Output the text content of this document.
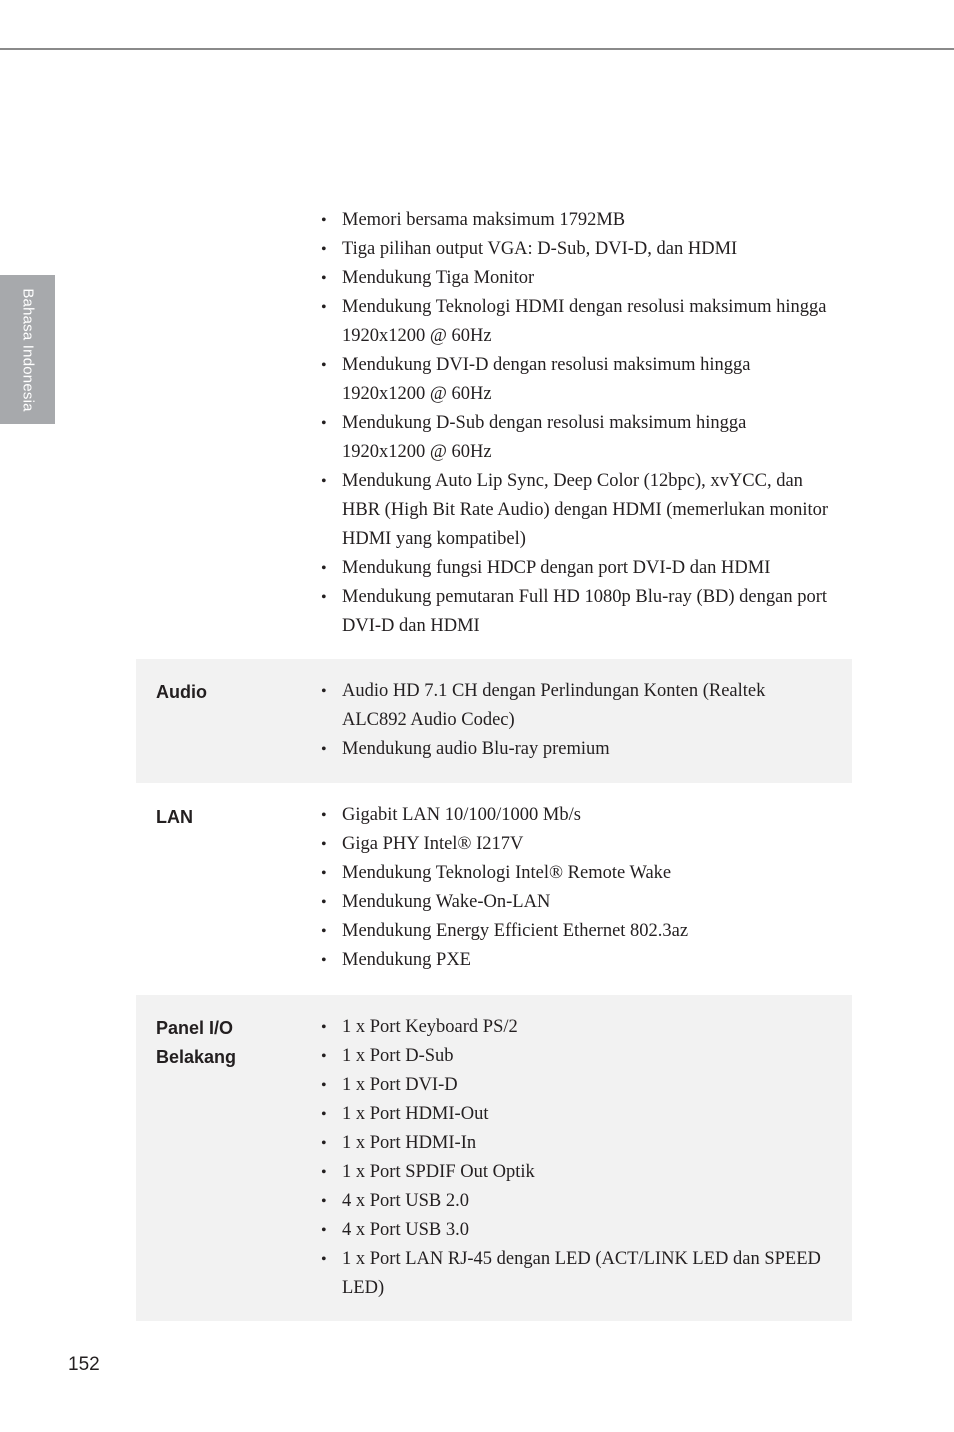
Bahasa Indonesia
• Memori bersama maksimum 1792MB
• Tiga pilihan output VGA: D-Sub, DVI-D, dan HDMI
• Mendukung Tiga Monitor
• Mendukung Teknologi HDMI dengan resolusi maksimum hingga 1920x1200 @ 60Hz
• Mendukung DVI-D dengan resolusi maksimum hingga 1920x1200 @ 60Hz
• Mendukung D-Sub dengan resolusi maksimum hingga 1920x1200 @ 60Hz
• Mendukung Auto Lip Sync, Deep Color (12bpc), xvYCC, dan HBR (High Bit Rate Audio) dengan HDMI (memerlukan monitor HDMI yang kompatibel)
• Mendukung fungsi HDCP dengan port DVI-D dan HDMI
• Mendukung pemutaran Full HD 1080p Blu-ray (BD) dengan port DVI-D dan HDMI
Audio	• Audio HD 7.1 CH dengan Perlindungan Konten (Realtek ALC892 Audio Codec)
• Mendukung audio Blu-ray premium
LAN	• Gigabit LAN 10/100/1000 Mb/s
• Giga PHY Intel® I217V
• Mendukung Teknologi Intel® Remote Wake
• Mendukung Wake-On-LAN
• Mendukung Energy Efficient Ethernet 802.3az
• Mendukung PXE
Panel I/O
Belakang
• 1 x Port Keyboard PS/2
• 1 x Port D-Sub
• 1 x Port DVI-D
• 1 x Port HDMI-Out
• 1 x Port HDMI-In
• 1 x Port SPDIF Out Optik
• 4 x Port USB 2.0
• 4 x Port USB 3.0
• 1 x Port LAN RJ-45 dengan LED (ACT/LINK LED dan SPEED LED)
152
